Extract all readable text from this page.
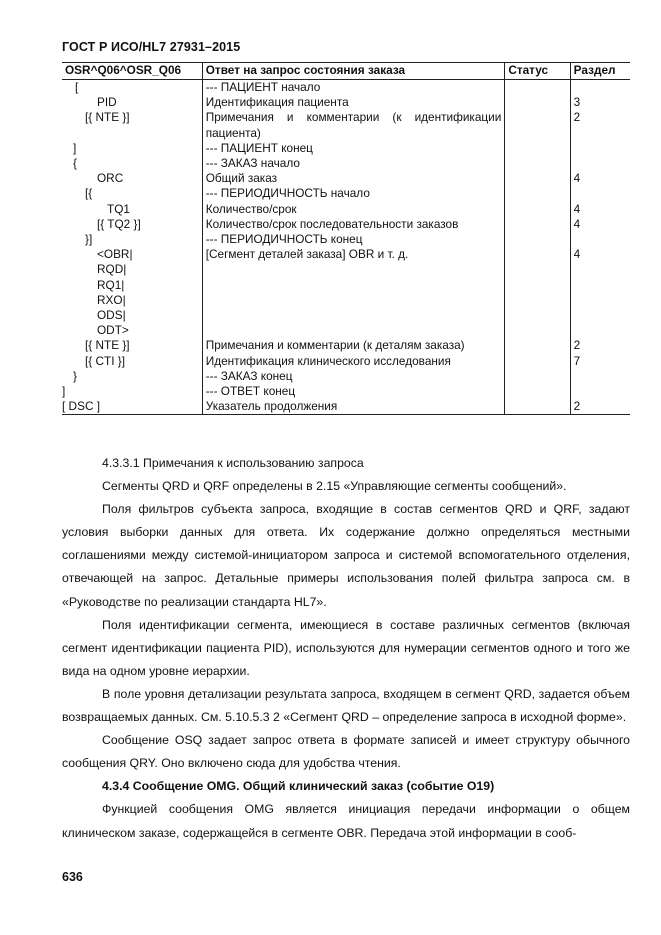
ГОСТ Р ИСО/HL7 27931–2015
OSR^Q06^OSR_Q06	Ответ на запрос состояния заказа	Статус	Раздел
[	--- ПАЦИЕНТ начало		
PID	Идентификация пациента		3
[{ NTE }]	Примечания и комментарии (к идентификации пациента)		2
]	--- ПАЦИЕНТ конец		
{	--- ЗАКАЗ начало		
ORC	Общий заказ		4
[{	--- ПЕРИОДИЧНОСТЬ начало		
TQ1	Количество/срок		4
[{ TQ2 }]	Количество/срок последовательности заказов		4
}]	--- ПЕРИОДИЧНОСТЬ конец		
<OBR|	[Сегмент деталей заказа] OBR и т. д.		4
RQD|			
RQ1|			
RXO|			
ODS|			
ODT>			
[{ NTE }]	Примечания и комментарии (к деталям заказа)		2
[{ CTI }]	Идентификация клинического исследования		7
}	--- ЗАКАЗ конец		
]	--- ОТВЕТ конец		
[ DSC ]	Указатель продолжения		2

4.3.3.1 Примечания к использованию запроса

Сегменты QRD и QRF определены в 2.15 «Управляющие сегменты сообщений».

Поля фильтров субъекта запроса, входящие в состав сегментов QRD и QRF, задают условия выборки данных для ответа. Их содержание должно определяться местными соглашениями между системой-инициатором запроса и системой вспомогательного отделения, отвечающей на запрос. Детальные примеры использования полей фильтра запроса см. в «Руководстве по реализации стандарта HL7».

Поля идентификации сегмента, имеющиеся в составе различных сегментов (включая сегмент идентификации пациента PID), используются для нумерации сегментов одного и того же вида на одном уровне иерархии.

В поле уровня детализации результата запроса, входящем в сегмент QRD, задается объем возвращаемых данных. См. 5.10.5.3 2 «Сегмент QRD – определение запроса в исходной форме».

Сообщение OSQ задает запрос ответа в формате записей и имеет структуру обычного сообщения QRY. Оно включено сюда для удобства чтения.

4.3.4 Сообщение OMG. Общий клинический заказ (событие O19)

Функцией сообщения OMG является инициация передачи информации о общем клиническом заказе, содержащейся в сегменте OBR. Передача этой информации в сооб-

636
